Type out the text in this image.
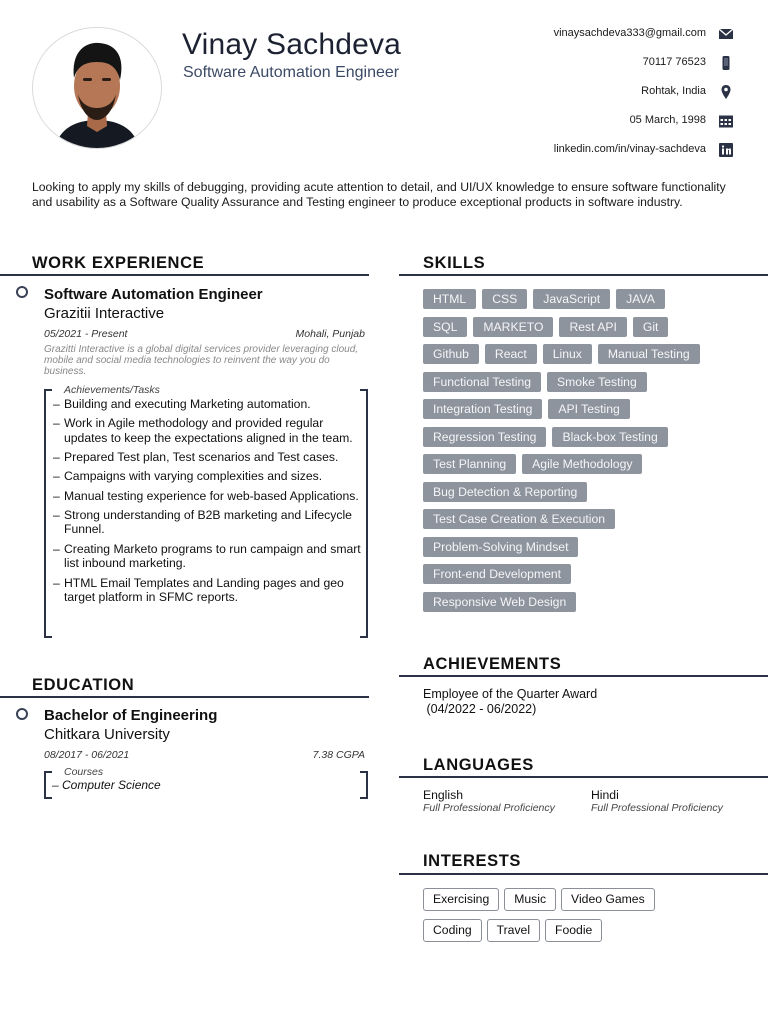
Vinay Sachdeva
Software Automation Engineer
vinaysachdeva333@gmail.com
70117 76523
Rohtak, India
05 March, 1998
linkedin.com/in/vinay-sachdeva
Looking to apply my skills of debugging, providing acute attention to detail, and UI/UX knowledge to ensure software functionality and usability as a Software Quality Assurance and Testing engineer to produce exceptional products in software industry.
WORK EXPERIENCE
Software Automation Engineer
Grazitii Interactive
05/2021 - Present	Mohali, Punjab
Grazitti Interactive is a global digital services provider leveraging cloud, mobile and social media technologies to reinvent the way you do business.
Achievements/Tasks
– Building and executing Marketing automation.
– Work in Agile methodology and provided regular updates to keep the expectations aligned in the team.
– Prepared Test plan, Test scenarios and Test cases.
– Campaigns with varying complexities and sizes.
– Manual testing experience for web-based Applications.
– Strong understanding of B2B marketing and Lifecycle Funnel.
– Creating Marketo programs to run campaign and smart list inbound marketing.
– HTML Email Templates and Landing pages and geo target platform in SFMC reports.
EDUCATION
Bachelor of Engineering
Chitkara University
08/2017 - 06/2021	7.38 CGPA
Courses
– Computer Science
SKILLS
HTML CSS JavaScript JAVA
SQL MARKETO Rest API Git
Github React Linux Manual Testing
Functional Testing Smoke Testing
Integration Testing API Testing
Regression Testing Black-box Testing
Test Planning Agile Methodology
Bug Detection & Reporting
Test Case Creation & Execution
Problem-Solving Mindset
Front-end Development
Responsive Web Design
ACHIEVEMENTS
Employee of the Quarter Award
(04/2022 - 06/2022)
LANGUAGES
English
Full Professional Proficiency
Hindi
Full Professional Proficiency
INTERESTS
Exercising Music Video Games
Coding Travel Foodie
